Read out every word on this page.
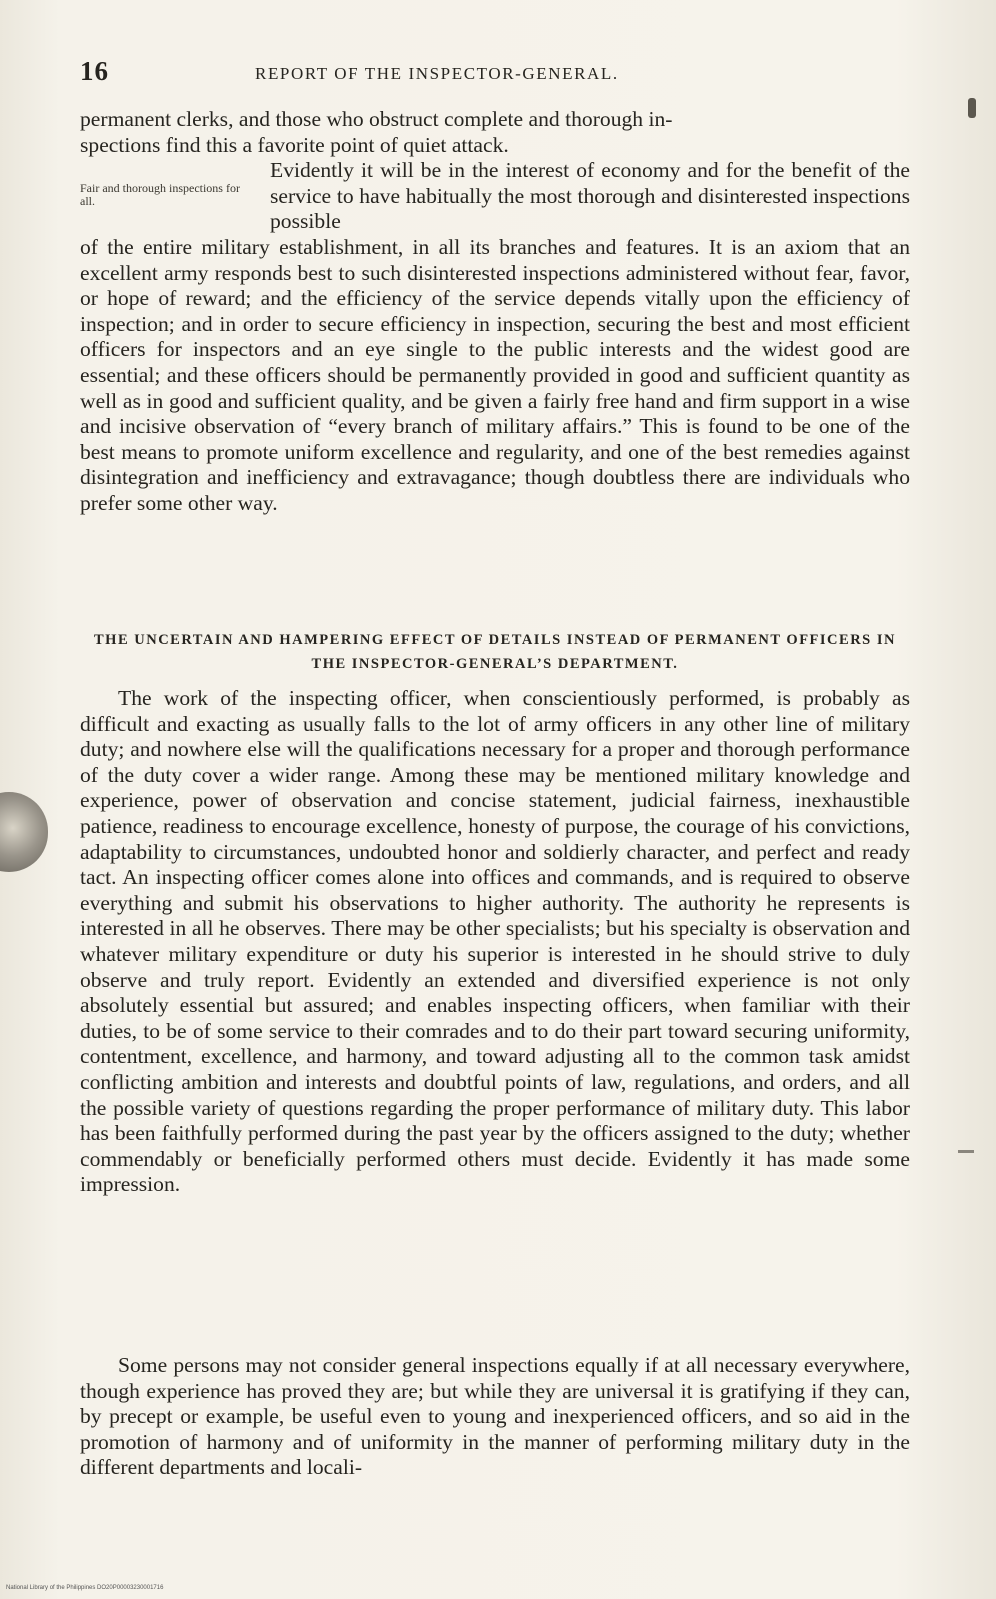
16	REPORT OF THE INSPECTOR-GENERAL.
permanent clerks, and those who obstruct complete and thorough in-
spections find this a favorite point of quiet attack.
Fair and thorough inspections for all.
Evidently it will be in the interest of economy and for the benefit of the service to have habitually the most thorough and disinterested inspections possible
of the entire military establishment, in all its branches and features. It is an axiom that an excellent army responds best to such disinterested inspections administered without fear, favor, or hope of reward; and the efficiency of the service depends vitally upon the efficiency of inspection; and in order to secure efficiency in inspection, securing the best and most efficient officers for inspectors and an eye single to the public interests and the widest good are essential; and these officers should be permanently provided in good and sufficient quantity as well as in good and sufficient quality, and be given a fairly free hand and firm support in a wise and incisive observation of “every branch of military affairs.” This is found to be one of the best means to promote uniform excellence and regularity, and one of the best remedies against disintegration and inefficiency and extravagance; though doubtless there are individuals who prefer some other way.
THE UNCERTAIN AND HAMPERING EFFECT OF DETAILS INSTEAD OF PERMANENT OFFICERS IN THE INSPECTOR-GENERAL’S DEPARTMENT.
The work of the inspecting officer, when conscientiously performed, is probably as difficult and exacting as usually falls to the lot of army officers in any other line of military duty; and nowhere else will the qualifications necessary for a proper and thorough performance of the duty cover a wider range. Among these may be mentioned military knowledge and experience, power of observation and concise statement, judicial fairness, inexhaustible patience, readiness to encourage excellence, honesty of purpose, the courage of his convictions, adaptability to circumstances, undoubted honor and soldierly character, and perfect and ready tact. An inspecting officer comes alone into offices and commands, and is required to observe everything and submit his observations to higher authority. The authority he represents is interested in all he observes. There may be other specialists; but his specialty is observation and whatever military expenditure or duty his superior is interested in he should strive to duly observe and truly report. Evidently an extended and diversified experience is not only absolutely essential but assured; and enables inspecting officers, when familiar with their duties, to be of some service to their comrades and to do their part toward securing uniformity, contentment, excellence, and harmony, and toward adjusting all to the common task amidst conflicting ambition and interests and doubtful points of law, regulations, and orders, and all the possible variety of questions regarding the proper performance of military duty. This labor has been faithfully performed during the past year by the officers assigned to the duty; whether commendably or beneficially performed others must decide. Evidently it has made some impression.
Some persons may not consider general inspections equally if at all necessary everywhere, though experience has proved they are; but while they are universal it is gratifying if they can, by precept or example, be useful even to young and inexperienced officers, and so aid in the promotion of harmony and of uniformity in the manner of performing military duty in the different departments and locali-
National Library of the Philippines DO20P00003230001716
